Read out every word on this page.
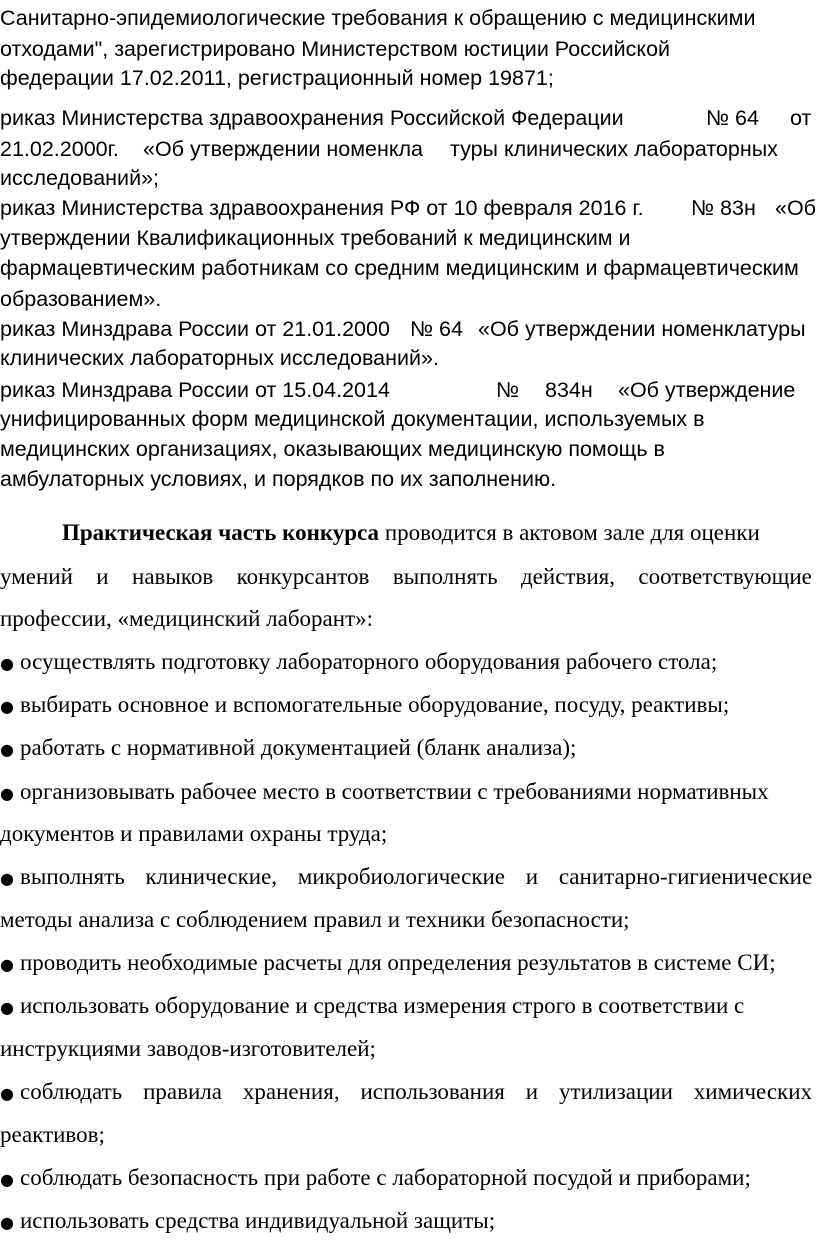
Санитарно-эпидемиологические требования к обращению с медицинскими

отходами", зарегистрировано Министерством юстиции Российской

федерации 17.02.2011, регистрационный номер 19871;

риказ Министерства здравоохранения Российской Федерации	№ 64 от

21.02.2000г. «Об утверждении номенкла туры клинических лабораторных

исследований»;

риказ Министерства здравоохранения РФ от 10 февраля 2016 г. № 83н «Об

утверждении Квалификационных требований к медицинским и

фармацевтическим работникам со средним медицинским и фармацевтическим

образованием».

риказ Минздрава России от 21.01.2000 № 64 «Об утверждении номенклатуры

клинических лабораторных исследований».

риказ Минздрава России от 15.04.2014	№ 834н «Об утверждение

унифицированных форм медицинской документации, используемых в

медицинских организациях, оказывающих медицинскую помощь в

амбулаторных условиях, и порядков по их заполнению.

Практическая часть конкурса проводится в актовом зале для оценки

умений и навыков конкурсантов выполнять действия, соответствующие

профессии, «медицинский лаборант»:

● осуществлять подготовку лабораторного оборудования рабочего стола;

● выбирать основное и вспомогательные оборудование, посуду, реактивы;

● работать с нормативной документацией (бланк анализа);

● организовывать рабочее место в соответствии с требованиями нормативных

документов и правилами охраны труда;

● выполнять клинические, микробиологические и санитарно-гигиенические

методы анализа с соблюдением правил и техники безопасности;

● проводить необходимые расчеты для определения результатов в системе СИ;

● использовать оборудование и средства измерения строго в соответствии с

инструкциями заводов-изготовителей;

● соблюдать правила хранения, использования и утилизации химических

реактивов;

● соблюдать безопасность при работе с лабораторной посудой и приборами;

● использовать средства индивидуальной защиты;
